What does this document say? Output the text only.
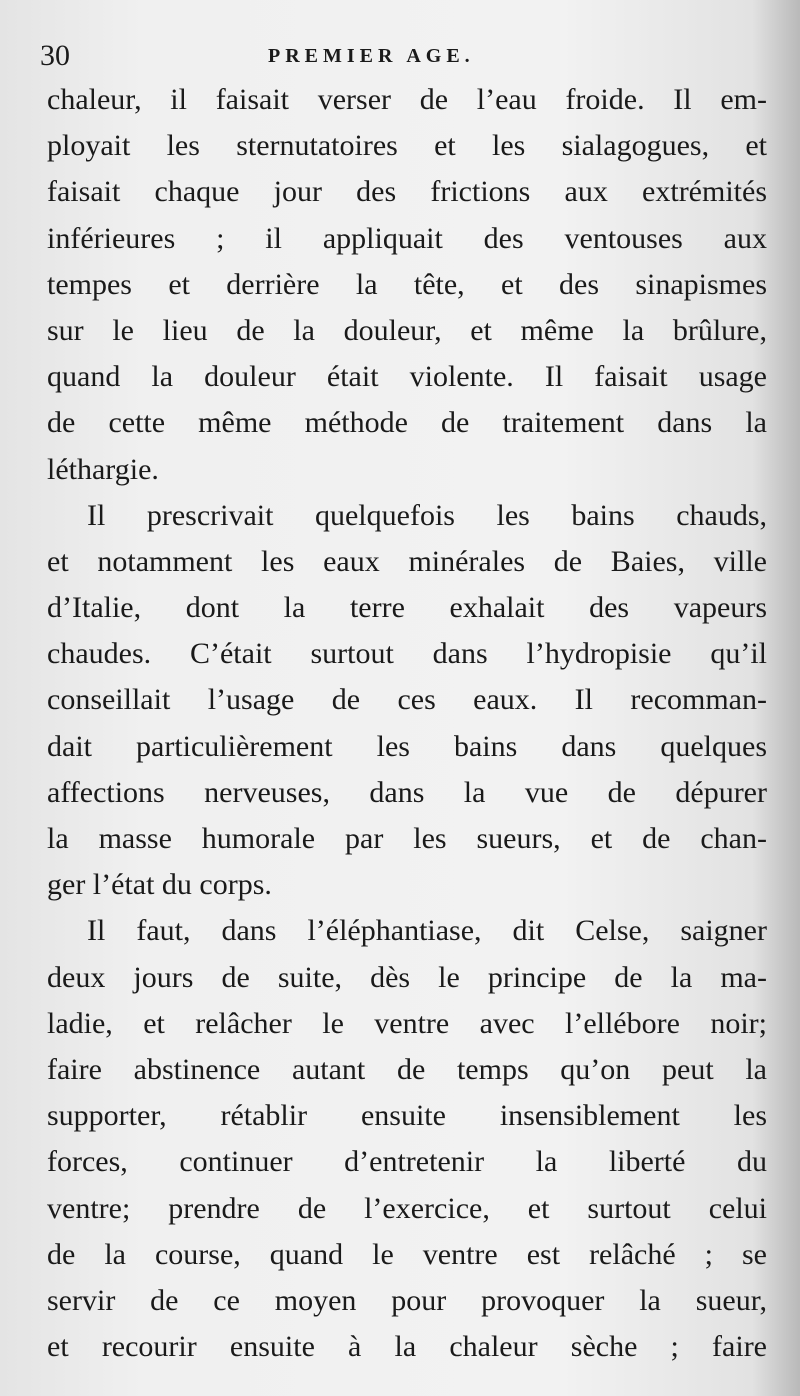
30	PREMIER AGE.
chaleur, il faisait verser de l’eau froide. Il em-
ployait les sternutatoires et les sialagogues, et
faisait chaque jour des frictions aux extrémités
inférieures ; il appliquait des ventouses aux
tempes et derrière la tête, et des sinapismes
sur le lieu de la douleur, et même la brûlure,
quand la douleur était violente. Il faisait usage
de cette même méthode de traitement dans la
léthargie.
Il prescrivait quelquefois les bains chauds,
et notamment les eaux minérales de Baies, ville
d’Italie, dont la terre exhalait des vapeurs
chaudes. C’était surtout dans l’hydropisie qu’il
conseillait l’usage de ces eaux. Il recomman-
dait particulièrement les bains dans quelques
affections nerveuses, dans la vue de dépurer
la masse humorale par les sueurs, et de chan-
ger l’état du corps.
Il faut, dans l’éléphantiase, dit Celse, saigner
deux jours de suite, dès le principe de la ma-
ladie, et relâcher le ventre avec l’ellébore noir;
faire abstinence autant de temps qu’on peut la
supporter, rétablir ensuite insensiblement les
forces, continuer d’entretenir la liberté du
ventre; prendre de l’exercice, et surtout celui
de la course, quand le ventre est relâché ; se
servir de ce moyen pour provoquer la sueur,
et recourir ensuite à la chaleur sèche ; faire
